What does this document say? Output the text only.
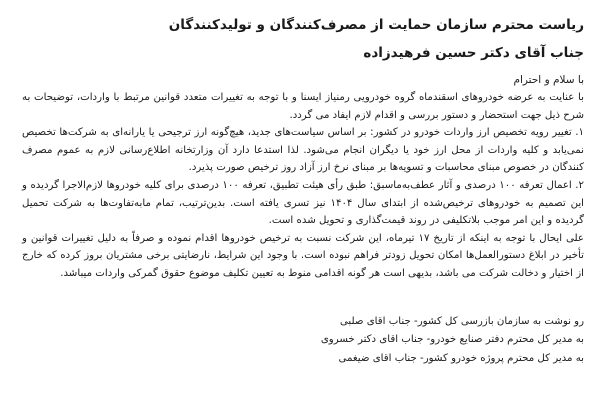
ریاست محترم سازمان حمایت از مصرف‌کنندگان و تولیدکنندگان

جناب آقای دکتر حسین فرهیدزاده

با سلام و احترام

با عنایت به عرضه خودروهای اسقندماه گروه خودرویی رمنیاز ایسنا و با توجه به تغییرات متعدد قوانین مرتبط با واردات، توضیحات به شرح ذیل جهت استحضار و دستور بررسی و اقدام لازم ایفاد می گردد.

۱. تغییر رویه تخصیص ارز واردات خودرو در کشور: بر اساس سیاست‌های جدید، هیچ‌گونه ارز ترجیحی یا یارانه‌ای به شرکت‌ها تخصیص نمی‌یابد و کلیه واردات از محل ارز خود یا دیگران انجام می‌شود. لذا استدعا دارد آن وزارتخانه اطلاع‌رسانی لازم به عموم مصرف کنندگان در خصوص مبنای محاسبات و تسویه‌ها بر مبنای نرخ ارز آزاد روز ترخیص صورت پذیرد.

۲. اعمال تعرفه ۱۰۰ درصدی و آثار عطف‌به‌ماسبق: طبق رأی هیئت تطبیق، تعرفه ۱۰۰ درصدی برای کلیه خودروها لازم‌الاجرا گردیده و این تصمیم به خودروهای ترخیص‌شده از ابتدای سال ۱۴۰۴ نیز تسری یافته است. بدین‌ترتیب، تمام مابه‌تفاوت‌ها به شرکت تحمیل گردیده و این امر موجب بلاتکلیفی در روند قیمت‌گذاری و تحویل شده است.

علی ایحال با توجه به اینکه از تاریخ ۱۷ تیرماه، این شرکت نسبت به ترخیص خودروها اقدام نموده و صرفاً به دلیل تغییرات قوانین و تأخیر در ابلاغ دستورالعمل‌ها امکان تحویل زودتر فراهم نبوده است. با وجود این شرایط، نارضایتی برخی مشتریان بروز کرده که خارج از اختیار و دخالت شرکت می باشد، بدیهی است هر گونه اقدامی منوط به تعیین تکلیف موضوع حقوق گمرکی واردات میباشد.

رو نوشت به سازمان بازرسی کل کشور- جناب اقای صلبی

به مدیر کل محترم دفتر صنایع خودرو- جناب اقای دکتر خسروی

به مدیر کل محترم پروژه خودرو کشور- جناب اقای ضیغمی
